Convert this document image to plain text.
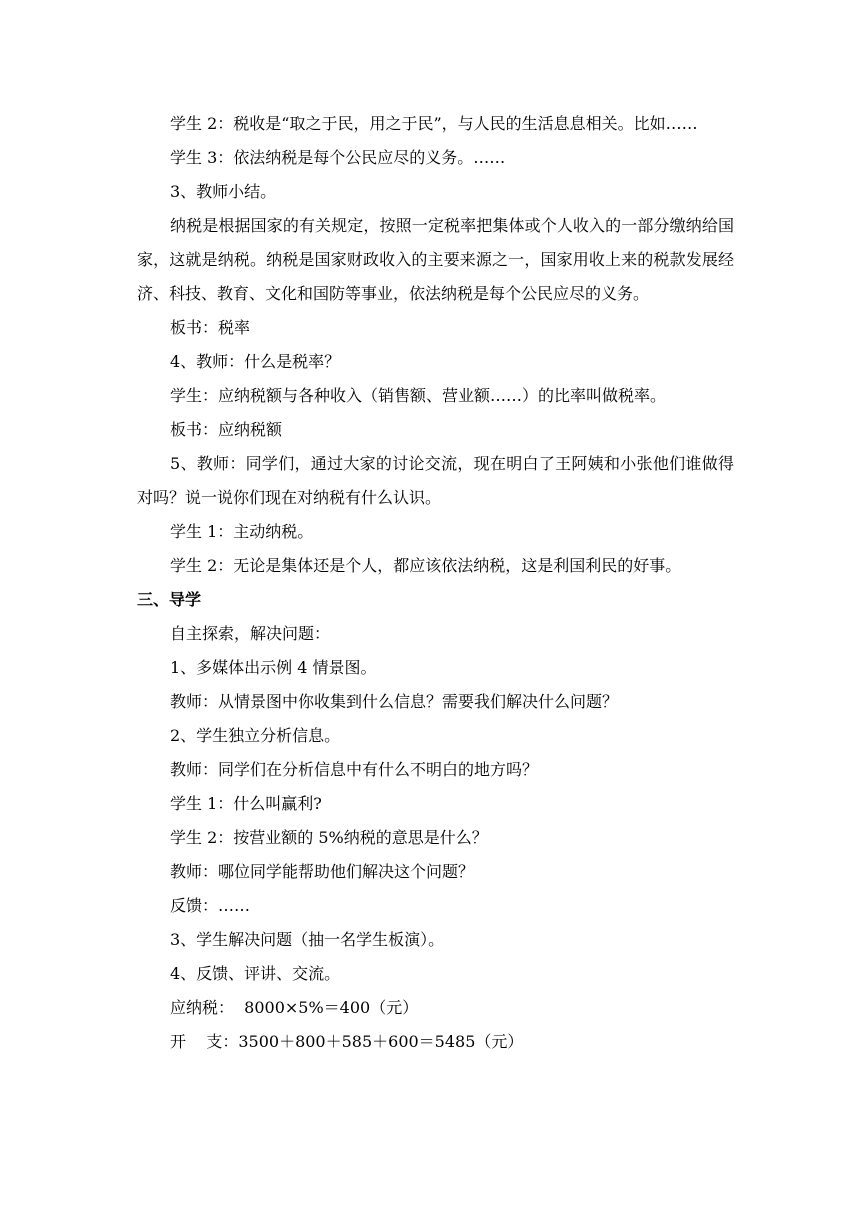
学生 2：税收是“取之于民，用之于民”，与人民的生活息息相关。比如……

学生 3：依法纳税是每个公民应尽的义务。……

3、教师小结。

纳税是根据国家的有关规定，按照一定税率把集体或个人收入的一部分缴纳给国家，这就是纳税。纳税是国家财政收入的主要来源之一，国家用收上来的税款发展经济、科技、教育、文化和国防等事业，依法纳税是每个公民应尽的义务。

板书：税率

4、教师：什么是税率？

学生：应纳税额与各种收入（销售额、营业额……）的比率叫做税率。

板书：应纳税额

5、教师：同学们，通过大家的讨论交流，现在明白了王阿姨和小张他们谁做得对吗？说一说你们现在对纳税有什么认识。

学生 1：主动纳税。

学生 2：无论是集体还是个人，都应该依法纳税，这是利国利民的好事。

三、导学

自主探索，解决问题：

1、多媒体出示例 4 情景图。

教师：从情景图中你收集到什么信息？需要我们解决什么问题？

2、学生独立分析信息。

教师：同学们在分析信息中有什么不明白的地方吗？

学生 1：什么叫赢利?

学生 2：按营业额的 5%纳税的意思是什么？

教师：哪位同学能帮助他们解决这个问题？

反馈：……

3、学生解决问题（抽一名学生板演）。

4、反馈、评讲、交流。

应纳税：  8000×5%＝400（元）

开    支：3500＋800＋585＋600＝5485（元）
